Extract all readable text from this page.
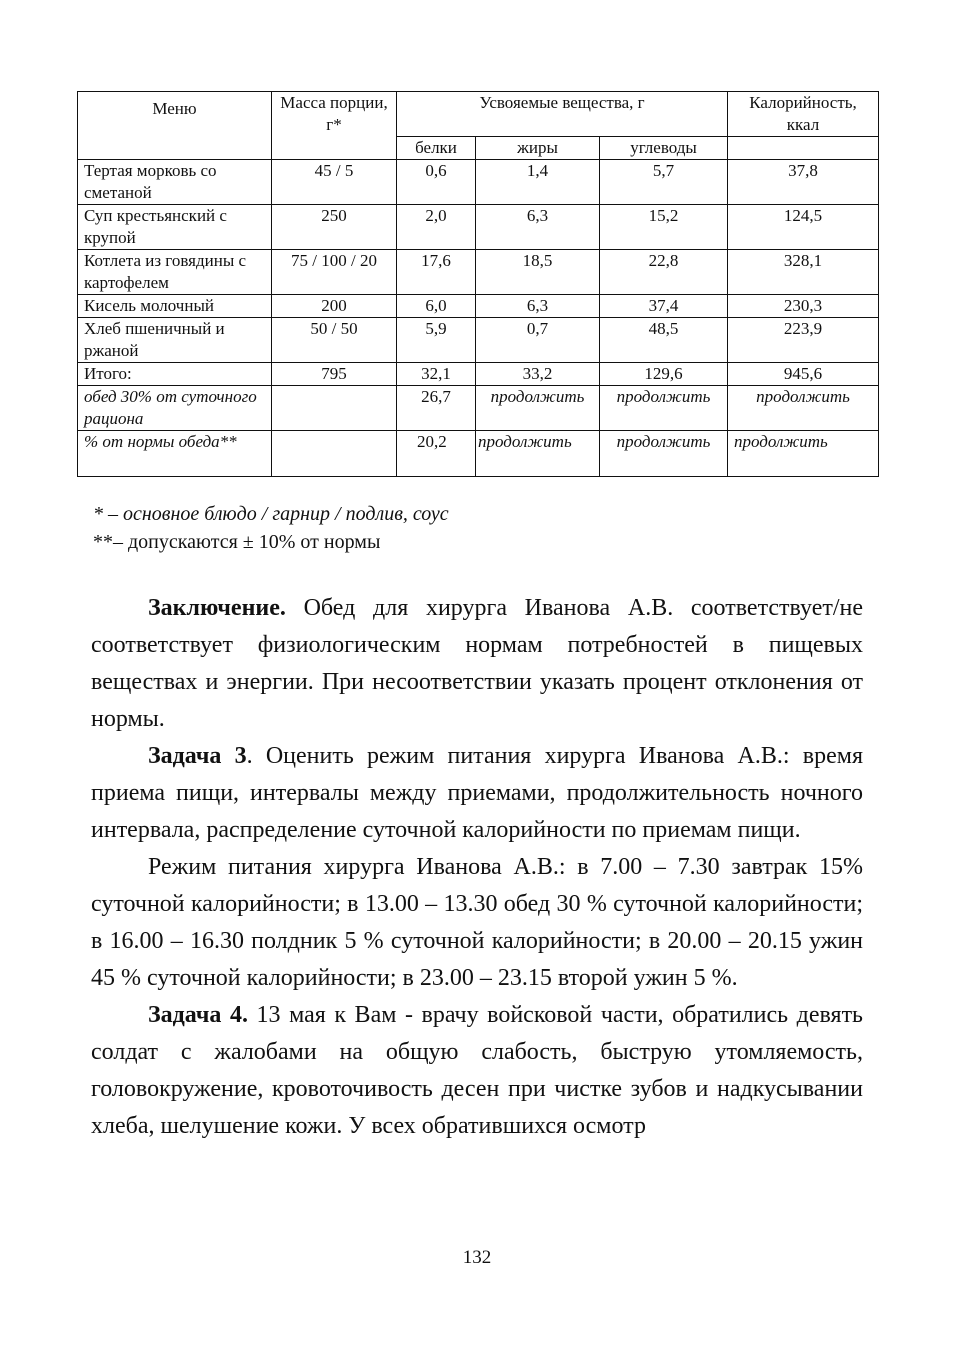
Меню	Масса порции, г*	Усвояемые вещества, г			Калорийность, ккал
		белки	жиры	углеводы	
Тертая морковь со сметаной	45 / 5	0,6	1,4	5,7	37,8
Суп крестьянский с крупой	250	2,0	6,3	15,2	124,5
Котлета из говядины с картофелем	75 / 100 / 20	17,6	18,5	22,8	328,1
Кисель молочный	200	6,0	6,3	37,4	230,3
Хлеб пшеничный и ржаной	50 / 50	5,9	0,7	48,5	223,9
Итого:	795	32,1	33,2	129,6	945,6
обед 30% от суточного рациона		26,7	продолжить	продолжить	продолжить
% от нормы обеда**		20,2	продолжить	продолжить	продолжить
* – основное блюдо / гарнир / подлив, соус
**– допускаются ± 10% от нормы

Заключение. Обед для хирурга Иванова А.В. соответствует/не соответствует физиологическим нормам потребностей в пищевых веществах и энергии. При несоответствии указать процент отклонения от нормы.

Задача 3. Оценить режим питания хирурга Иванова А.В.: время приема пищи, интервалы между приемами, продолжительность ночного интервала, распределение суточной калорийности по приемам пищи.

Режим питания хирурга Иванова А.В.: в 7.00 – 7.30 завтрак 15% суточной калорийности; в 13.00 – 13.30 обед 30 % суточной калорийности; в 16.00 – 16.30 полдник 5 % суточной калорийности; в 20.00 – 20.15 ужин 45 % суточной калорийности; в 23.00 – 23.15 второй ужин 5 %.

Задача 4. 13 мая к Вам - врачу войсковой части, обратились девять солдат с жалобами на общую слабость, быструю утомляемость, головокружение, кровоточивость десен при чистке зубов и надкусывании хлеба, шелушение кожи. У всех обратившихся осмотр

132
